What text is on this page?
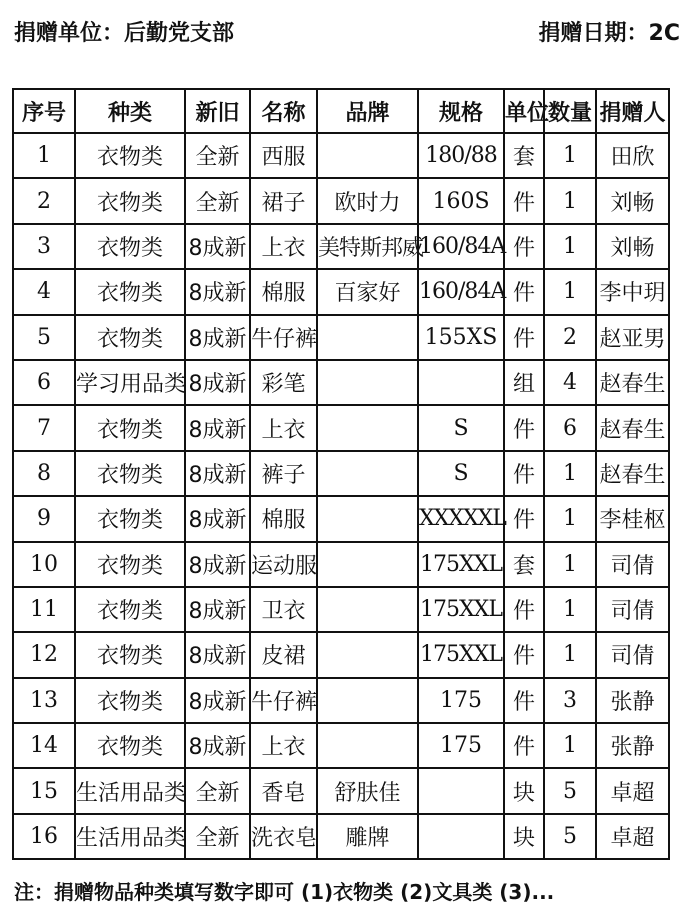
捐赠单位：后勤党支部	捐赠日期：2C
序号	种类	新旧	名称	品牌	规格	单位	数量	捐赠人
1	衣物类	全新	西服		180/88	套	1	田欣
2	衣物类	全新	裙子	欧时力	160S	件	1	刘畅
3	衣物类	8成新	上衣	美特斯邦威	160/84A	件	1	刘畅
4	衣物类	8成新	棉服	百家好	160/84A	件	1	李中玥
5	衣物类	8成新	牛仔裤		155XS	件	2	赵亚男
6	学习用品类	8成新	彩笔			组	4	赵春生
7	衣物类	8成新	上衣		S	件	6	赵春生
8	衣物类	8成新	裤子		S	件	1	赵春生
9	衣物类	8成新	棉服		XXXXXL	件	1	李桂枢
10	衣物类	8成新	运动服		175XXL	套	1	司倩
11	衣物类	8成新	卫衣		175XXL	件	1	司倩
12	衣物类	8成新	皮裙		175XXL	件	1	司倩
13	衣物类	8成新	牛仔裤		175	件	3	张静
14	衣物类	8成新	上衣		175	件	1	张静
15	生活用品类	全新	香皂	舒肤佳		块	5	卓超
16	生活用品类	全新	洗衣皂	雕牌		块	5	卓超
注：捐赠物品种类填写数字即可 (1)衣物类 (2)文具类 (3)...
